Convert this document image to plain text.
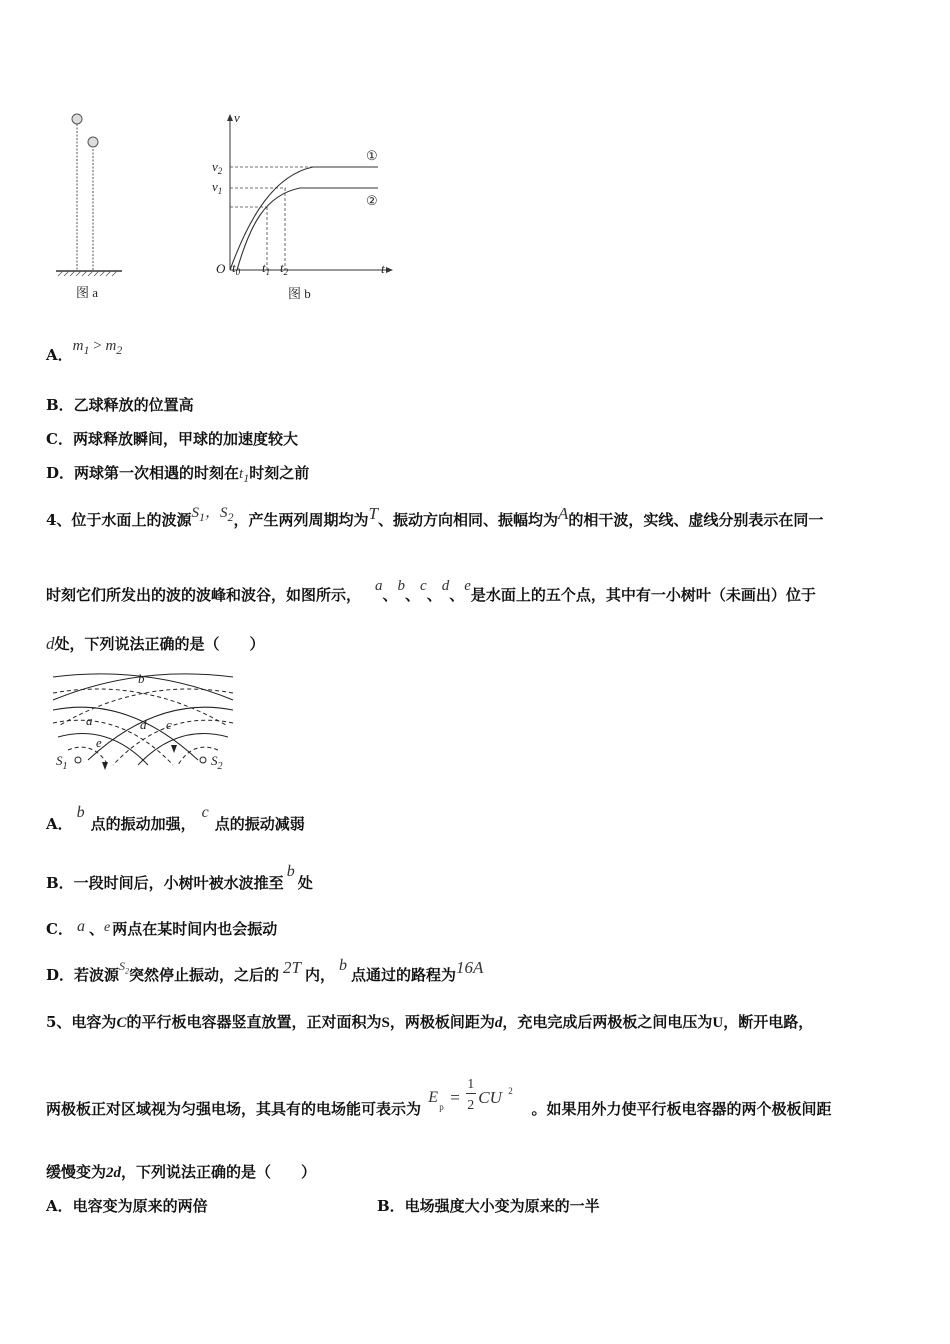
图 a
v
t
O
$v_2$
$v_1$
$t_0$ $t_1$ $t_2$
①
②
图 b
A．$m_1 > m_2$
B．乙球释放的位置高
C．两球释放瞬间，甲球的加速度较大
D．两球第一次相遇的时刻在$t_1$时刻之前
4、位于水面上的波源$S_1$，$S_2$，产生两列周期均为T、振动方向相同、振幅均为A的相干波，实线、虚线分别表示在同一
时刻它们所发出的波的波峰和波谷，如图所示， a、b、c、d、e是水面上的五个点，其中有一小树叶（未画出）位于
d处，下列说法正确的是（　　）
b
a	d c
e
$S_1$	$S_2$
A．b点的振动加强，c点的振动减弱
B．一段时间后，小树叶被水波推至b处
C． a 、e 两点在某时间内也会振动
D．若波源$^{S_2}$突然停止振动，之后的 2T 内，b点通过的路程为16A
5、电容为C的平行板电容器竖直放置，正对面积为S，两极板间距为d，充电完成后两极板之间电压为U，断开电路，
两极板正对区域视为匀强电场，其具有的电场能可表示为
E
p =
1
2 CU 2
。如果用外力使平行板电容器的两个极板间距
缓慢变为2d，下列说法正确的是（　　）
A．电容变为原来的两倍	B．电场强度大小变为原来的一半
